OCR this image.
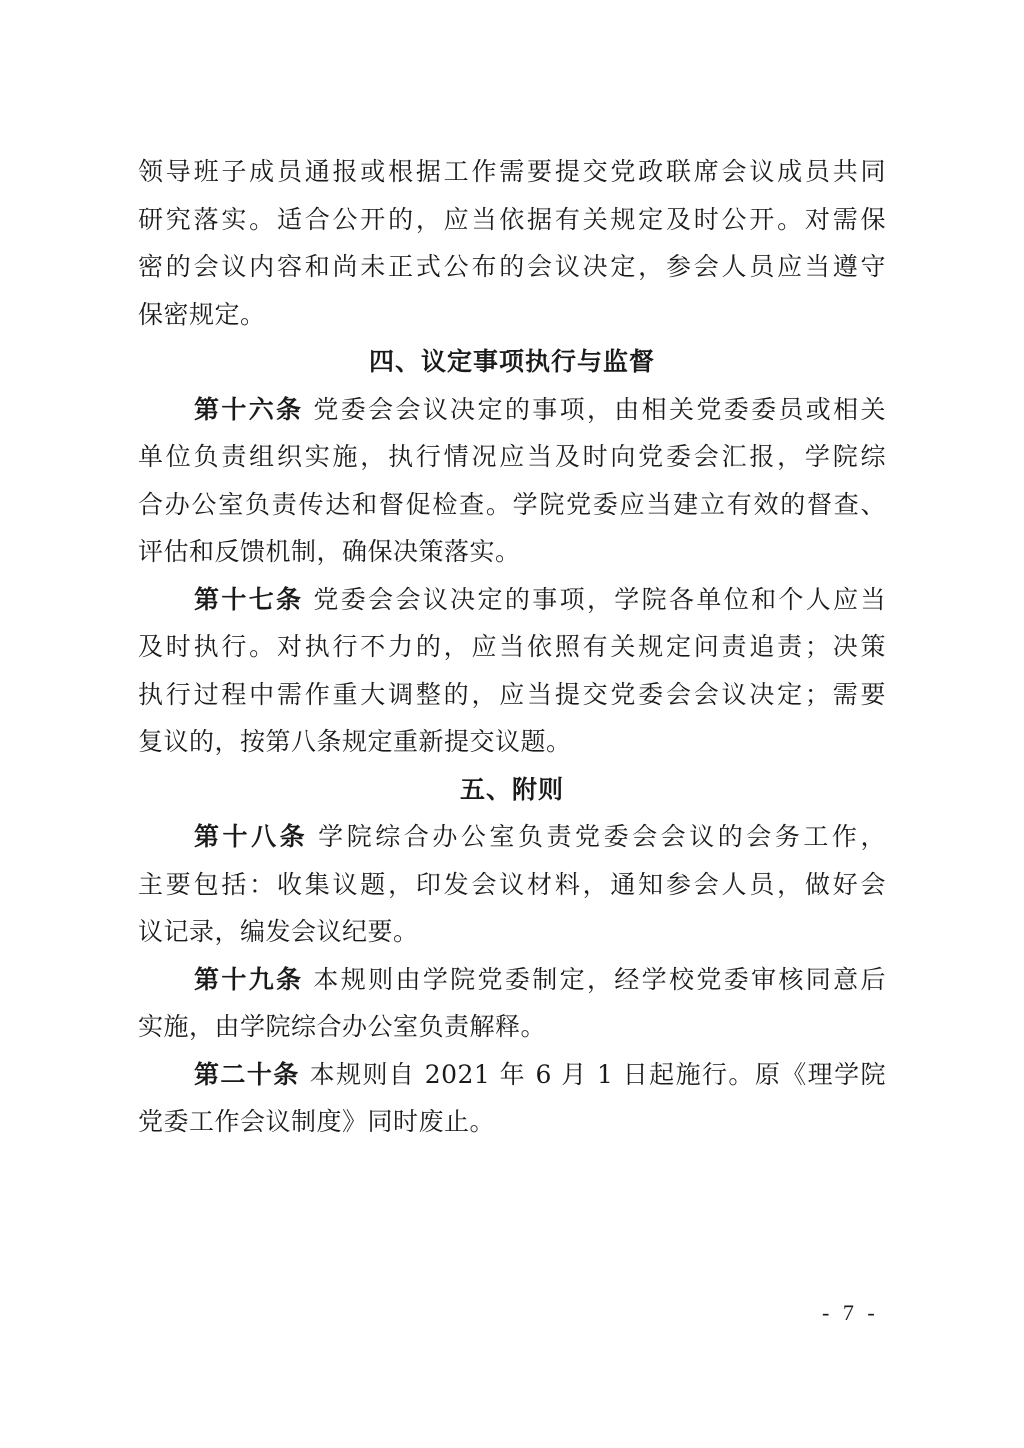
领导班子成员通报或根据工作需要提交党政联席会议成员共同
研究落实。适合公开的，应当依据有关规定及时公开。对需保
密的会议内容和尚未正式公布的会议决定，参会人员应当遵守
保密规定。
四、议定事项执行与监督
第十六条 党委会会议决定的事项，由相关党委委员或相关
单位负责组织实施，执行情况应当及时向党委会汇报，学院综
合办公室负责传达和督促检查。学院党委应当建立有效的督查、
评估和反馈机制，确保决策落实。
第十七条 党委会会议决定的事项，学院各单位和个人应当
及时执行。对执行不力的，应当依照有关规定问责追责；决策
执行过程中需作重大调整的，应当提交党委会会议决定；需要
复议的，按第八条规定重新提交议题。
五、附则
第十八条 学院综合办公室负责党委会会议的会务工作，
主要包括：收集议题，印发会议材料，通知参会人员，做好会
议记录，编发会议纪要。
第十九条 本规则由学院党委制定，经学校党委审核同意后
实施，由学院综合办公室负责解释。
第二十条 本规则自 2021 年 6 月 1 日起施行。原《理学院
党委工作会议制度》同时废止。
- 7 -
